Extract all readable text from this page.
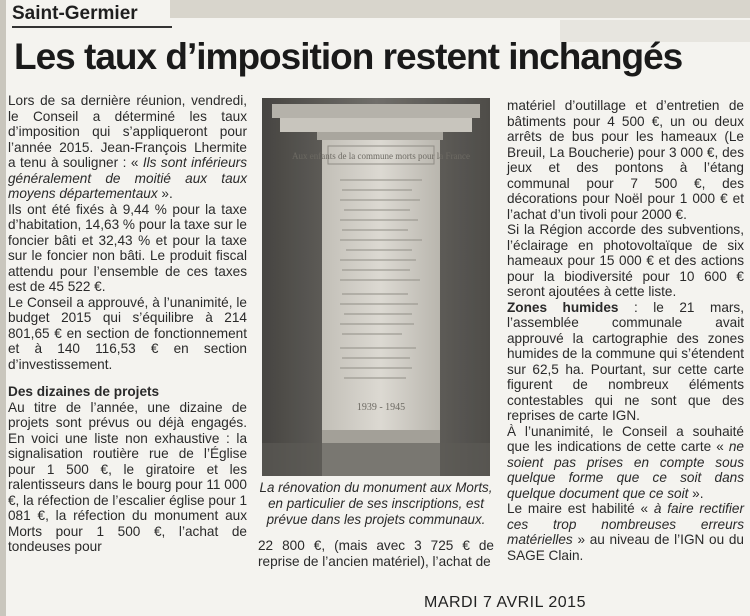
Saint-Germier
Les taux d’imposition restent inchangés

Lors de sa dernière réunion, vendredi, le Conseil a déterminé les taux d’imposition qui s’appliqueront pour l’année 2015. Jean-François Lhermite a tenu à souligner : « Ils sont inférieurs généralement de moitié aux taux moyens départementaux ».

Ils ont été fixés à 9,44 % pour la taxe d’habitation, 14,63 % pour la taxe sur le foncier bâti et 32,43 % et pour la taxe sur le foncier non bâti. Le produit fiscal attendu pour l’ensemble de ces taxes est de 45 522 €.

Le Conseil a approuvé, à l’unanimité, le budget 2015 qui s’équilibre à 214 801,65 € en section de fonctionnement et à 140 116,53 € en section d’investissement.

Des dizaines de projets

Au titre de l’année, une dizaine de projets sont prévus ou déjà engagés. En voici une liste non exhaustive : la signalisation routière rue de l’Église pour 1 500 €, le giratoire et les ralentisseurs dans le bourg pour 11 000 €, la réfection de l’escalier église pour 1 081 €, la réfection du monument aux Morts pour 1 500 €, l’achat de tondeuses pour

Aux enfants de la commune morts pour la France
1939 - 1945
La rénovation du monument aux Morts, en particulier de ses inscriptions, est prévue dans les projets communaux.
22 800 €, (mais avec 3 725 € de reprise de l’ancien matériel), l’achat de

matériel d’outillage et d’entretien de bâtiments pour 4 500 €, un ou deux arrêts de bus pour les hameaux (Le Breuil, La Boucherie) pour 3 000 €, des jeux et des pontons à l’étang communal pour 7 500 €, des décorations pour Noël pour 1 000 € et l’achat d’un tivoli pour 2000 €.

Si la Région accorde des subventions, l’éclairage en photovoltaïque de six hameaux pour 15 000 € et des actions pour la biodiversité pour 10 600 € seront ajoutées à cette liste.

Zones humides : le 21 mars, l’assemblée communale avait approuvé la cartographie des zones humides de la commune qui s’étendent sur 62,5 ha. Pourtant, sur cette carte figurent de nombreux éléments contestables qui ne sont que des reprises de carte IGN.

À l’unanimité, le Conseil a souhaité que les indications de cette carte « ne soient pas prises en compte sous quelque forme que ce soit dans quelque document que ce soit ».

Le maire est habilité « à faire rectifier ces trop nombreuses erreurs matérielles » au niveau de l’IGN ou du SAGE Clain.

MARDI 7 AVRIL 2015
